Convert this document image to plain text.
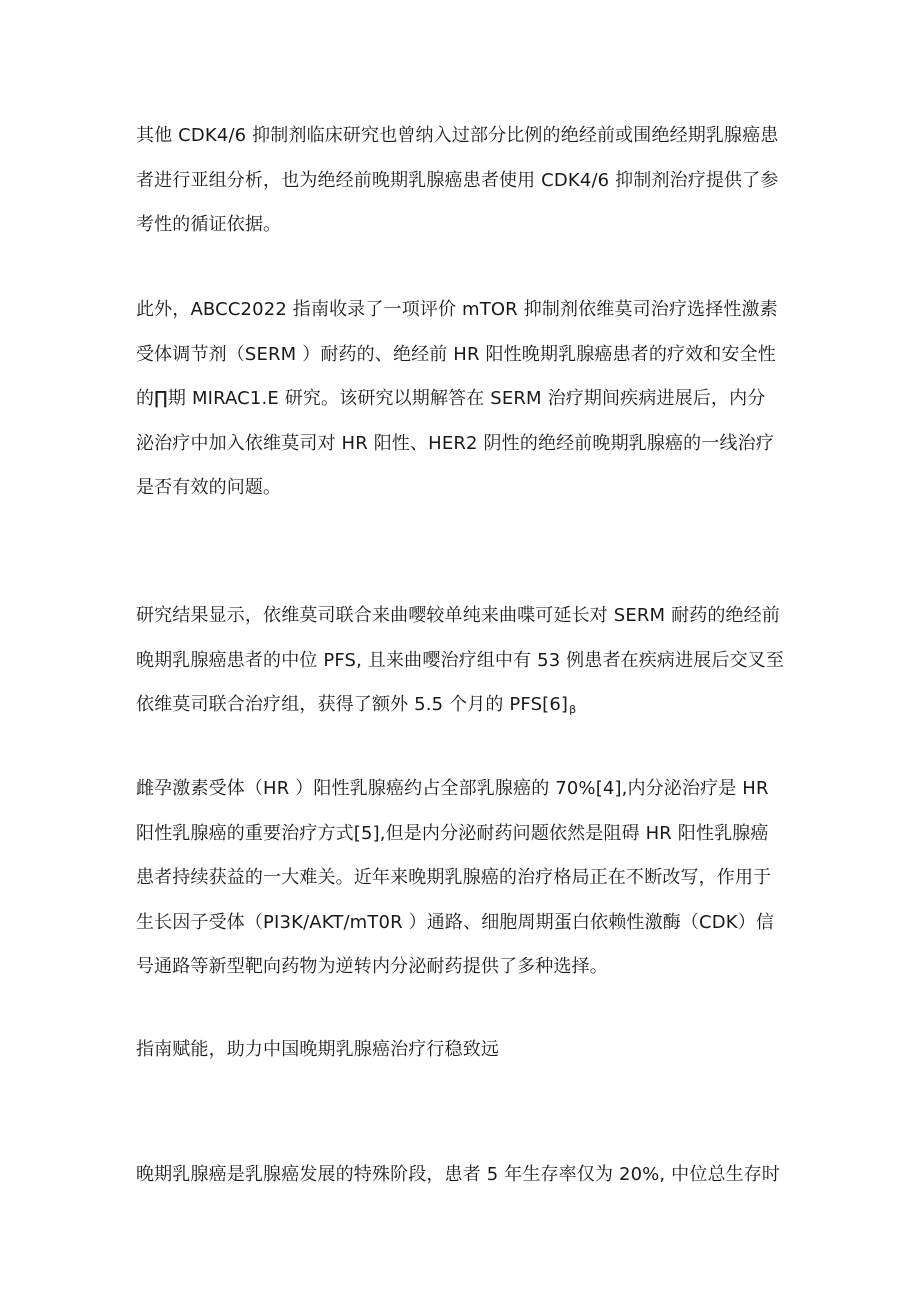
其他 CDK4/6 抑制剂临床研究也曾纳入过部分比例的绝经前或围绝经期乳腺癌患
者进行亚组分析，也为绝经前晚期乳腺癌患者使用 CDK4/6 抑制剂治疗提供了参
考性的循证依据。
此外，ABCC2022 指南收录了一项评价 mTOR 抑制剂依维莫司治疗选择性激素
受体调节剂（SERM ）耐药的、绝经前 HR 阳性晚期乳腺癌患者的疗效和安全性
的∏期 MIRAC1.E 研究。该研究以期解答在 SERM 治疗期间疾病进展后，内分
泌治疗中加入依维莫司对 HR 阳性、HER2 阴性的绝经前晚期乳腺癌的一线治疗
是否有效的问题。
研究结果显示，依维莫司联合来曲嘤较单纯来曲喋可延长对 SERM 耐药的绝经前
晚期乳腺癌患者的中位 PFS, 且来曲嘤治疗组中有 53 例患者在疾病进展后交叉至
依维莫司联合治疗组，获得了额外 5.5 个月的 $PFS[6]_\beta$
雌孕激素受体（HR ）阳性乳腺癌约占全部乳腺癌的 70%[4],内分泌治疗是 HR
阳性乳腺癌的重要治疗方式[5],但是内分泌耐药问题依然是阻碍 HR 阳性乳腺癌
患者持续获益的一大难关。近年来晚期乳腺癌的治疗格局正在不断改写，作用于
生长因子受体（PI3K/AKT/mT0R ）通路、细胞周期蛋白依赖性激酶（CDK）信
号通路等新型靶向药物为逆转内分泌耐药提供了多种选择。
指南赋能，助力中国晚期乳腺癌治疗行稳致远
晚期乳腺癌是乳腺癌发展的特殊阶段，患者 5 年生存率仅为 20%, 中位总生存时
